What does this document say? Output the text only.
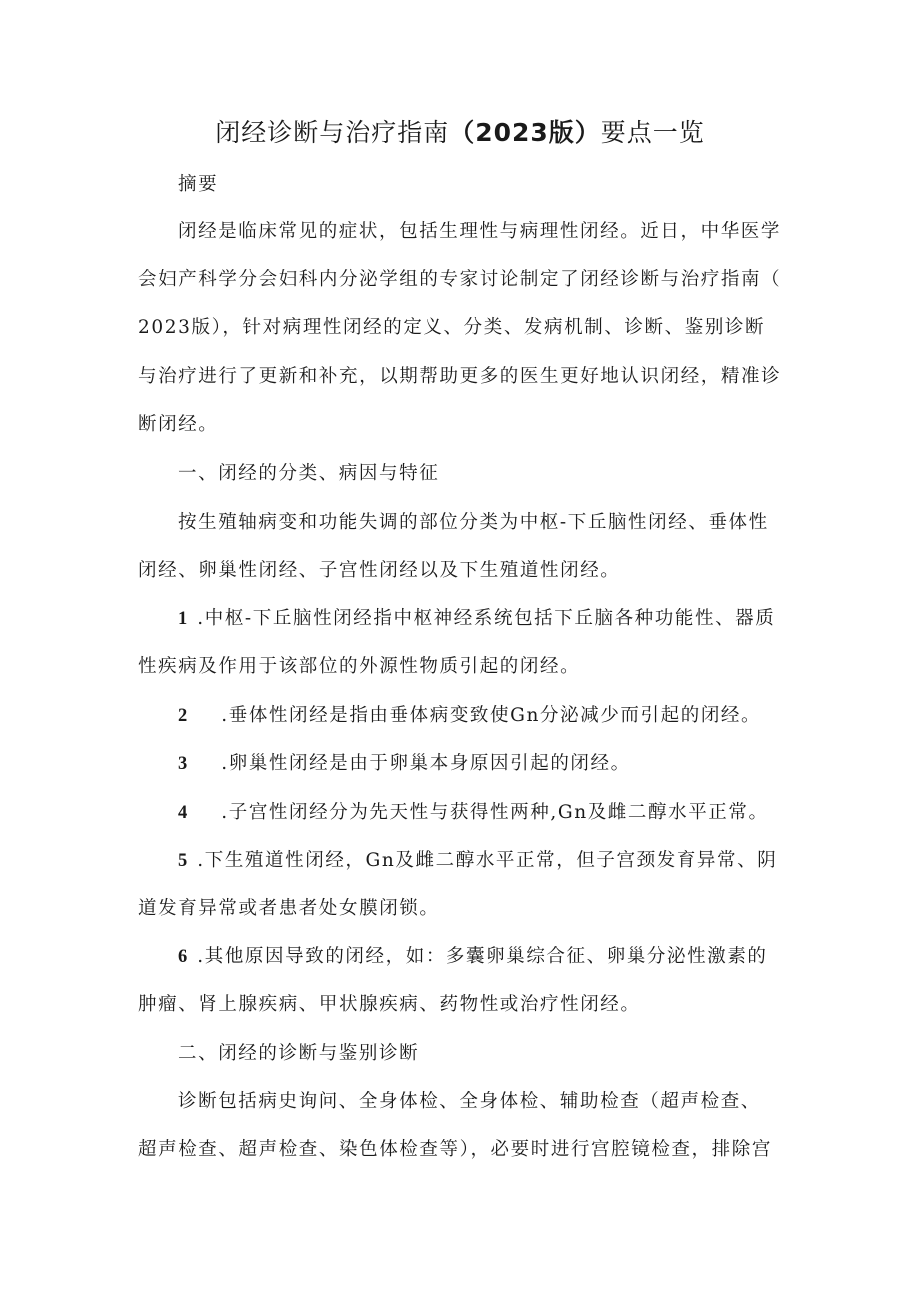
闭经诊断与治疗指南（2023版）要点一览

摘要

闭经是临床常见的症状，包括生理性与病理性闭经。近日，中华医学

会妇产科学分会妇科内分泌学组的专家讨论制定了闭经诊断与治疗指南（

2023版），针对病理性闭经的定义、分类、发病机制、诊断、鉴别诊断

与治疗进行了更新和补充，以期帮助更多的医生更好地认识闭经，精准诊

断闭经。

一、闭经的分类、病因与特征

按生殖轴病变和功能失调的部位分类为中枢-下丘脑性闭经、垂体性

闭经、卵巢性闭经、子宫性闭经以及下生殖道性闭经。

1 .中枢-下丘脑性闭经指中枢神经系统包括下丘脑各种功能性、器质

性疾病及作用于该部位的外源性物质引起的闭经。

2 .垂体性闭经是指由垂体病变致使Gn分泌减少而引起的闭经。

3 .卵巢性闭经是由于卵巢本身原因引起的闭经。

4 .子宫性闭经分为先天性与获得性两种,Gn及雌二醇水平正常。

5 .下生殖道性闭经，Gn及雌二醇水平正常，但子宫颈发育异常、阴

道发育异常或者患者处女膜闭锁。

6 .其他原因导致的闭经，如：多囊卵巢综合征、卵巢分泌性激素的

肿瘤、肾上腺疾病、甲状腺疾病、药物性或治疗性闭经。

二、闭经的诊断与鉴别诊断

诊断包括病史询问、全身体检、全身体检、辅助检查（超声检查、

超声检查、超声检查、染色体检查等），必要时进行宫腔镜检查，排除宫
